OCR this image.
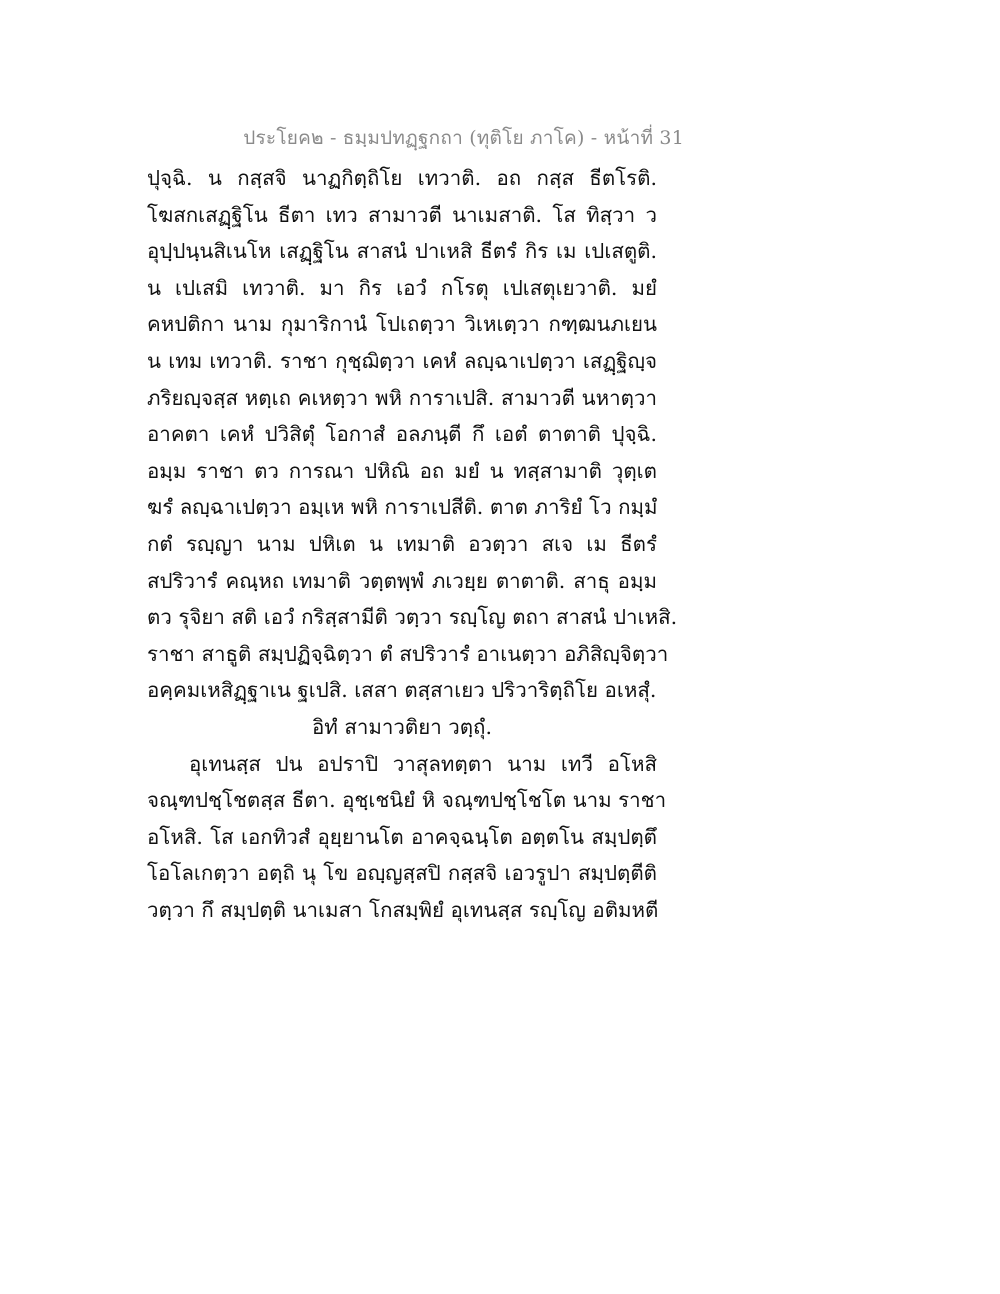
ประโยค๒ - ธมฺมปทฏฺฐกถา (ทุติโย ภาโค) - หน้าที่ 31
ปุจฺฉิ. น กสฺสจิ นาฏกิตฺถิโย เทวาติ. อถ กสฺส ธีตโรติ.
โฆสกเสฏฺฐิโน ธีตา เทว สามาวตี นาเมสาติ. โส ทิสฺวา ว
อุปฺปนฺนสิเนโห เสฏฺฐิโน สาสนํ ปาเหสิ ธีตรํ กิร เม เปเสตูติ.
น เปเสมิ เทวาติ. มา กิร เอวํ กโรตุ เปเสตุเยวาติ. มยํ
คหปติกา นาม กุมาริกานํ โปเถตฺวา วิเหเตฺวา กฑฺฒนภเยน
น เทม เทวาติ. ราชา กุชฺฌิตฺวา เคหํ ลญฺฉาเปตฺวา เสฏฺฐิญฺจ
ภริยญฺจสฺส หตฺเถ คเหตฺวา พหิ การาเปสิ. สามาวตี นหาตฺวา
อาคตา เคหํ ปวิสิตุํ โอกาสํ อลภนฺตี กึ เอตํ ตาตาติ ปุจฺฉิ.
อมฺม ราชา ตว การณา ปหิณิ อถ มยํ น ทสฺสามาติ วุตฺเต
ฆรํ ลญฺฉาเปตฺวา อมฺเห พหิ การาเปสีติ. ตาต ภาริยํ โว กมฺมํ
กตํ รญฺญา นาม ปหิเต น เทมาติ อวตฺวา สเจ เม ธีตรํ
สปริวารํ คณฺหถ เทมาติ วตฺตพฺพํ ภเวยฺย ตาตาติ. สาธุ อมฺม
ตว รุจิยา สติ เอวํ กริสฺสามีติ วตฺวา รญฺโญ ตถา สาสนํ ปาเหสิ.
ราชา สาธูติ สมฺปฏิจฺฉิตฺวา ตํ สปริวารํ อาเนตฺวา อภิสิญฺจิตฺวา
อคฺคมเหสิฏฺฐาเน ฐเปสิ. เสสา ตสฺสาเยว ปริวาริตฺถิโย อเหสุํ.
อิทํ สามาวติยา วตฺถุํ.
อุเทนสฺส ปน อปราปิ วาสุลทตฺตา นาม เทวี อโหสิ
จณฺฑปชฺโชตสฺส ธีตา. อุชฺเชนิยํ หิ จณฺฑปชฺโชโต นาม ราชา
อโหสิ. โส เอกทิวสํ อุยฺยานโต อาคจฺฉนฺโต อตฺตโน สมฺปตฺตึ
โอโลเกตฺวา อตฺถิ นุ โข อญฺญสฺสปิ กสฺสจิ เอวรูปา สมฺปตฺตีติ
วตฺวา กึ สมฺปตฺติ นาเมสา โกสมฺพิยํ อุเทนสฺส รญฺโญ อติมหตี
